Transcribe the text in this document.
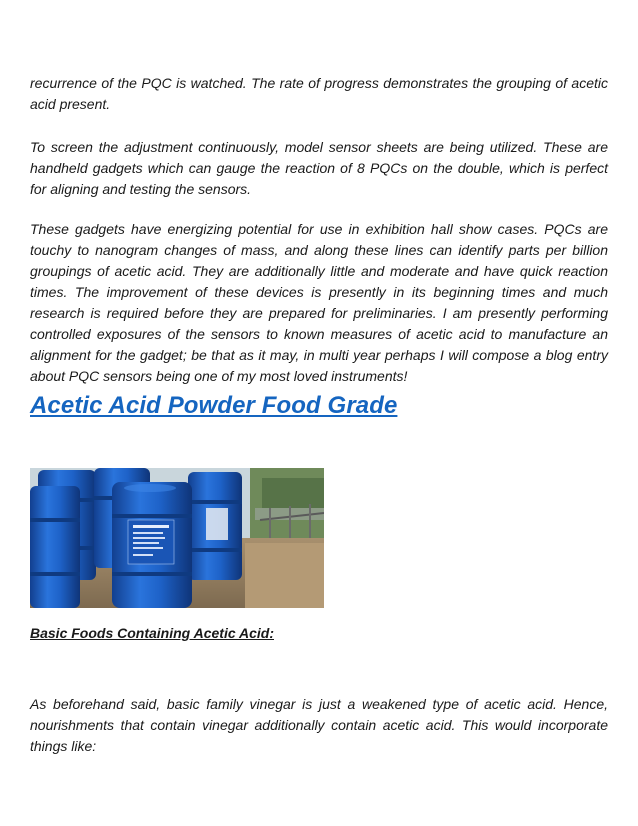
recurrence of the PQC is watched. The rate of progress demonstrates the grouping of acetic acid present.

To screen the adjustment continuously, model sensor sheets are being utilized. These are handheld gadgets which can gauge the reaction of 8 PQCs on the double, which is perfect for aligning and testing the sensors.

These gadgets have energizing potential for use in exhibition hall show cases. PQCs are touchy to nanogram changes of mass, and along these lines can identify parts per billion groupings of acetic acid. They are additionally little and moderate and have quick reaction times. The improvement of these devices is presently in its beginning times and much research is required before they are prepared for preliminaries. I am presently performing controlled exposures of the sensors to known measures of acetic acid to manufacture an alignment for the gadget; be that as it may, in multi year perhaps I will compose a blog entry about PQC sensors being one of my most loved instruments!

Acetic Acid Powder Food Grade
Basic Foods Containing Acetic Acid:

As beforehand said, basic family vinegar is just a weakened type of acetic acid. Hence, nourishments that contain vinegar additionally contain acetic acid. This would incorporate things like:
